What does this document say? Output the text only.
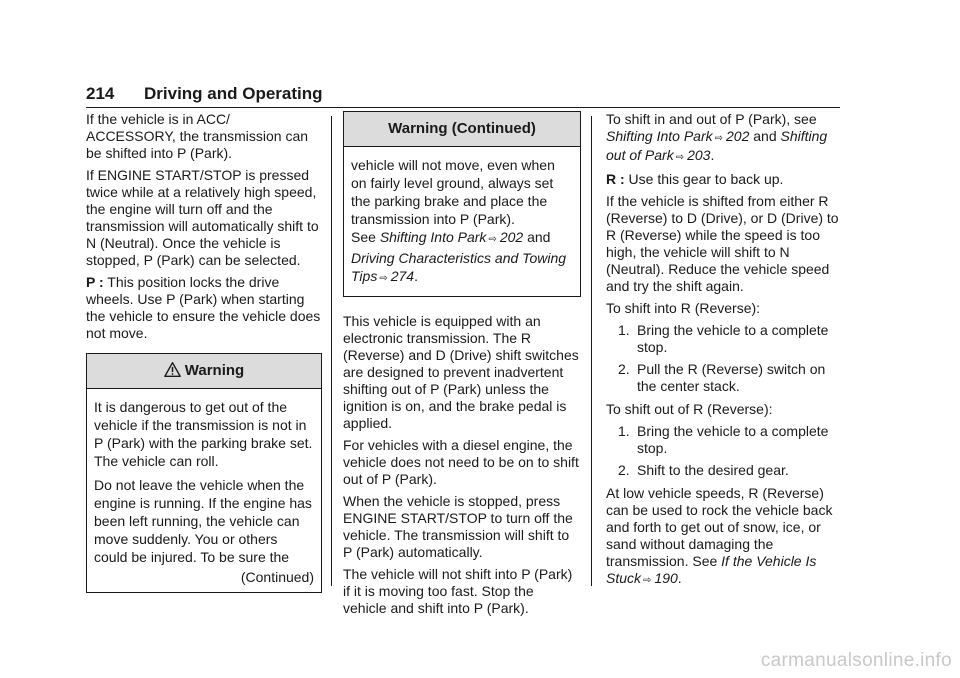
214 Driving and Operating

If the vehicle is in ACC/ ACCESSORY, the transmission can be shifted into P (Park).

If ENGINE START/STOP is pressed twice while at a relatively high speed, the engine will turn off and the transmission will automatically shift to N (Neutral). Once the vehicle is stopped, P (Park) can be selected.

P : This position locks the drive wheels. Use P (Park) when starting the vehicle to ensure the vehicle does not move.

Warning

It is dangerous to get out of the vehicle if the transmission is not in P (Park) with the parking brake set. The vehicle can roll.

Do not leave the vehicle when the engine is running. If the engine has been left running, the vehicle can move suddenly. You or others could be injured. To be sure the

(Continued)

Warning (Continued)

vehicle will not move, even when on fairly level ground, always set the parking brake and place the transmission into P (Park).
See Shifting Into Park ⇨ 202 and Driving Characteristics and Towing Tips ⇨ 274.

This vehicle is equipped with an electronic transmission. The R (Reverse) and D (Drive) shift switches are designed to prevent inadvertent shifting out of P (Park) unless the ignition is on, and the brake pedal is applied.

For vehicles with a diesel engine, the vehicle does not need to be on to shift out of P (Park).

When the vehicle is stopped, press ENGINE START/STOP to turn off the vehicle. The transmission will shift to P (Park) automatically.

The vehicle will not shift into P (Park) if it is moving too fast. Stop the vehicle and shift into P (Park).

To shift in and out of P (Park), see Shifting Into Park ⇨ 202 and Shifting out of Park ⇨ 203.

R : Use this gear to back up.

If the vehicle is shifted from either R (Reverse) to D (Drive), or D (Drive) to R (Reverse) while the speed is too high, the vehicle will shift to N (Neutral). Reduce the vehicle speed and try the shift again.

To shift into R (Reverse):

1. Bring the vehicle to a complete stop.
2. Pull the R (Reverse) switch on the center stack.

To shift out of R (Reverse):

1. Bring the vehicle to a complete stop.
2. Shift to the desired gear.

At low vehicle speeds, R (Reverse) can be used to rock the vehicle back and forth to get out of snow, ice, or sand without damaging the transmission. See If the Vehicle Is Stuck ⇨ 190.

carmanualsonline.info
